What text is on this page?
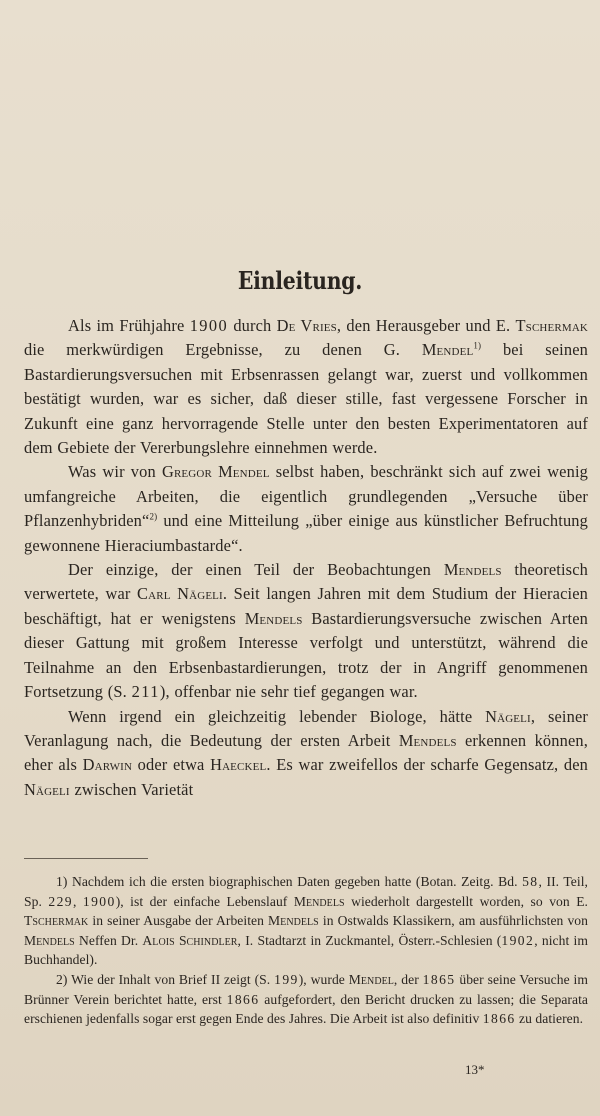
Einleitung.

Als im Frühjahre 1900 durch De Vries, den Herausgeber und E. Tschermak die merkwürdigen Ergebnisse, zu denen G. Mendel$^{1)}$ bei seinen Bastardierungsversuchen mit Erbsenrassen gelangt war, zuerst und vollkommen bestätigt wurden, war es sicher, daß dieser stille, fast vergessene Forscher in Zukunft eine ganz hervorragende Stelle unter den besten Experimentatoren auf dem Gebiete der Vererbungslehre einnehmen werde.

Was wir von Gregor Mendel selbst haben, beschränkt sich auf zwei wenig umfangreiche Arbeiten, die eigentlich grundlegenden „Versuche über Pflanzenhybriden“$^{2)}$ und eine Mitteilung „über einige aus künstlicher Befruchtung gewonnene Hieraciumbastarde“.

Der einzige, der einen Teil der Beobachtungen Mendels theoretisch verwertete, war Carl Nägeli. Seit langen Jahren mit dem Studium der Hieracien beschäftigt, hat er wenigstens Mendels Bastardierungsversuche zwischen Arten dieser Gattung mit großem Interesse verfolgt und unterstützt, während die Teilnahme an den Erbsenbastardierungen, trotz der in Angriff genommenen Fortsetzung (S. 211), offenbar nie sehr tief gegangen war.

Wenn irgend ein gleichzeitig lebender Biologe, hätte Nägeli, seiner Veranlagung nach, die Bedeutung der ersten Arbeit Mendels erkennen können, eher als Darwin oder etwa Haeckel. Es war zweifellos der scharfe Gegensatz, den Nägeli zwischen Varietät

1) Nachdem ich die ersten biographischen Daten gegeben hatte (Botan. Zeitg. Bd. 58, II. Teil, Sp. 229, 1900), ist der einfache Lebenslauf Mendels wiederholt dargestellt worden, so von E. Tschermak in seiner Ausgabe der Arbeiten Mendels in Ostwalds Klassikern, am ausführlichsten von Mendels Neffen Dr. Alois Schindler, I. Stadtarzt in Zuckmantel, Österr.-Schlesien (1902, nicht im Buchhandel).

2) Wie der Inhalt von Brief II zeigt (S. 199), wurde Mendel, der 1865 über seine Versuche im Brünner Verein berichtet hatte, erst 1866 aufgefordert, den Bericht drucken zu lassen; die Separata erschienen jedenfalls sogar erst gegen Ende des Jahres. Die Arbeit ist also definitiv 1866 zu datieren.

13*
